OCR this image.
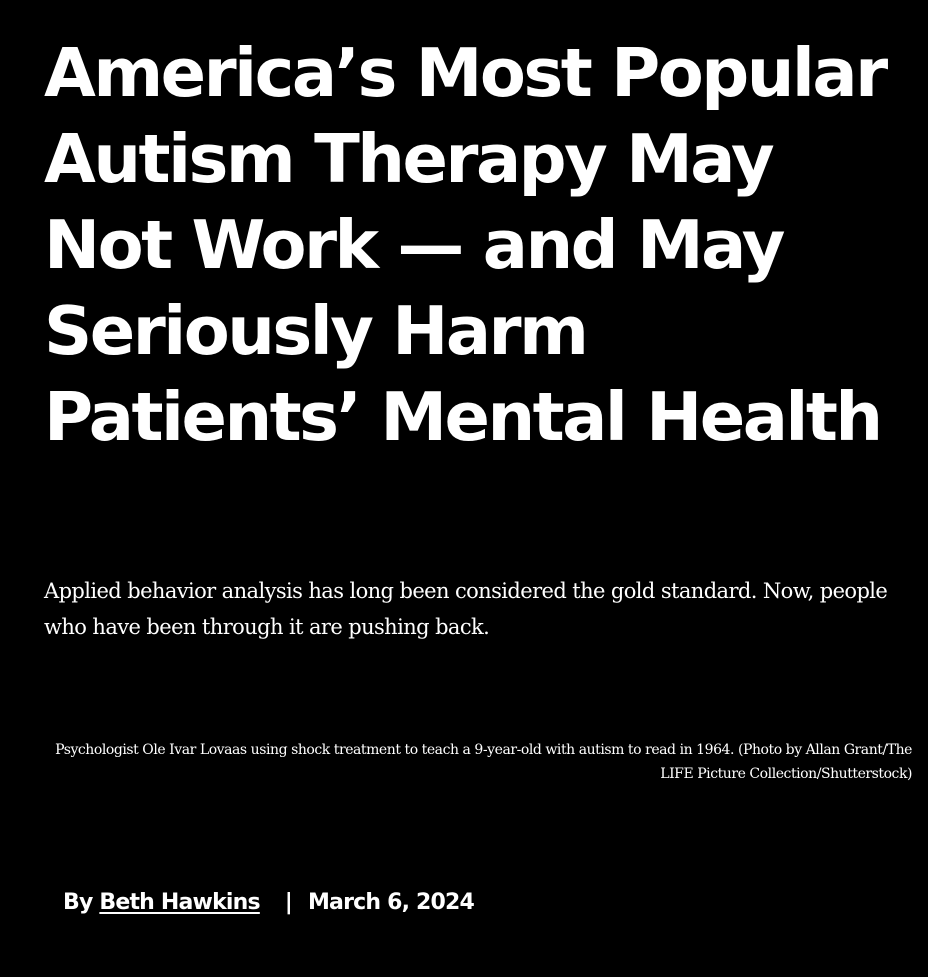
America’s Most Popular Autism Therapy May Not Work — and May Seriously Harm Patients’ Mental Health

Applied behavior analysis has long been considered the gold standard. Now, people who have been through it are pushing back.

Psychologist Ole Ivar Lovaas using shock treatment to teach a 9-year-old with autism to read in 1964. (Photo by Allan Grant/The LIFE Picture Collection/Shutterstock)

By Beth Hawkins | March 6, 2024
